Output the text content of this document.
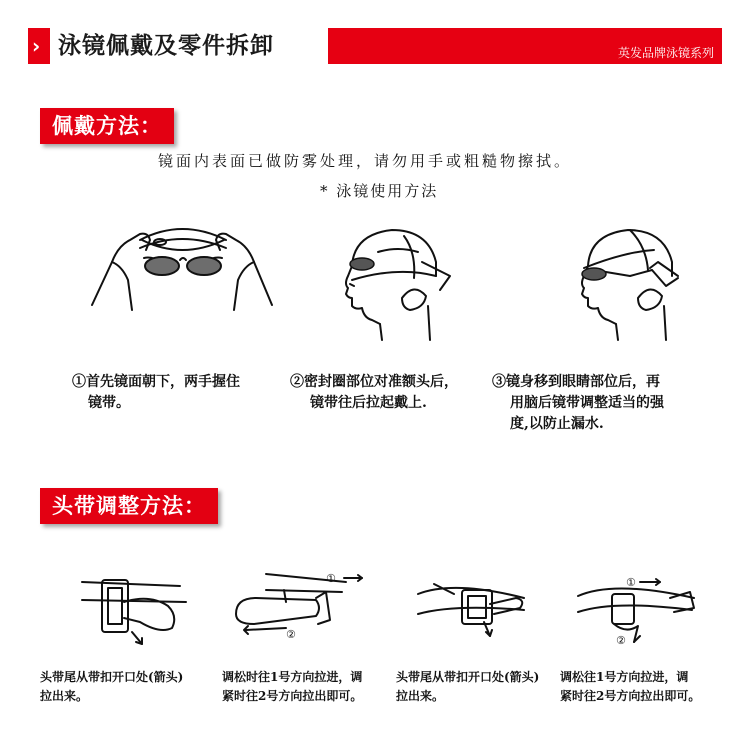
› 泳镜佩戴及零件拆卸	英发品牌泳镜系列
佩戴方法：
镜面内表面已做防雾处理，请勿用手或粗糙物擦拭。
* 泳镜使用方法
①首先镜面朝下，两手握住
镜带。
②密封圈部位对准额头后，
镜带往后拉起戴上.
③镜身移到眼睛部位后，再
用脑后镜带调整适当的强
度,以防止漏水.
头带调整方法：
①
②
①
②
头带尾从带扣开口处(箭头)
拉出来。
调松时往1号方向拉进，调
紧时往2号方向拉出即可。
头带尾从带扣开口处(箭头)
拉出来。
调松往1号方向拉进，调
紧时往2号方向拉出即可。
